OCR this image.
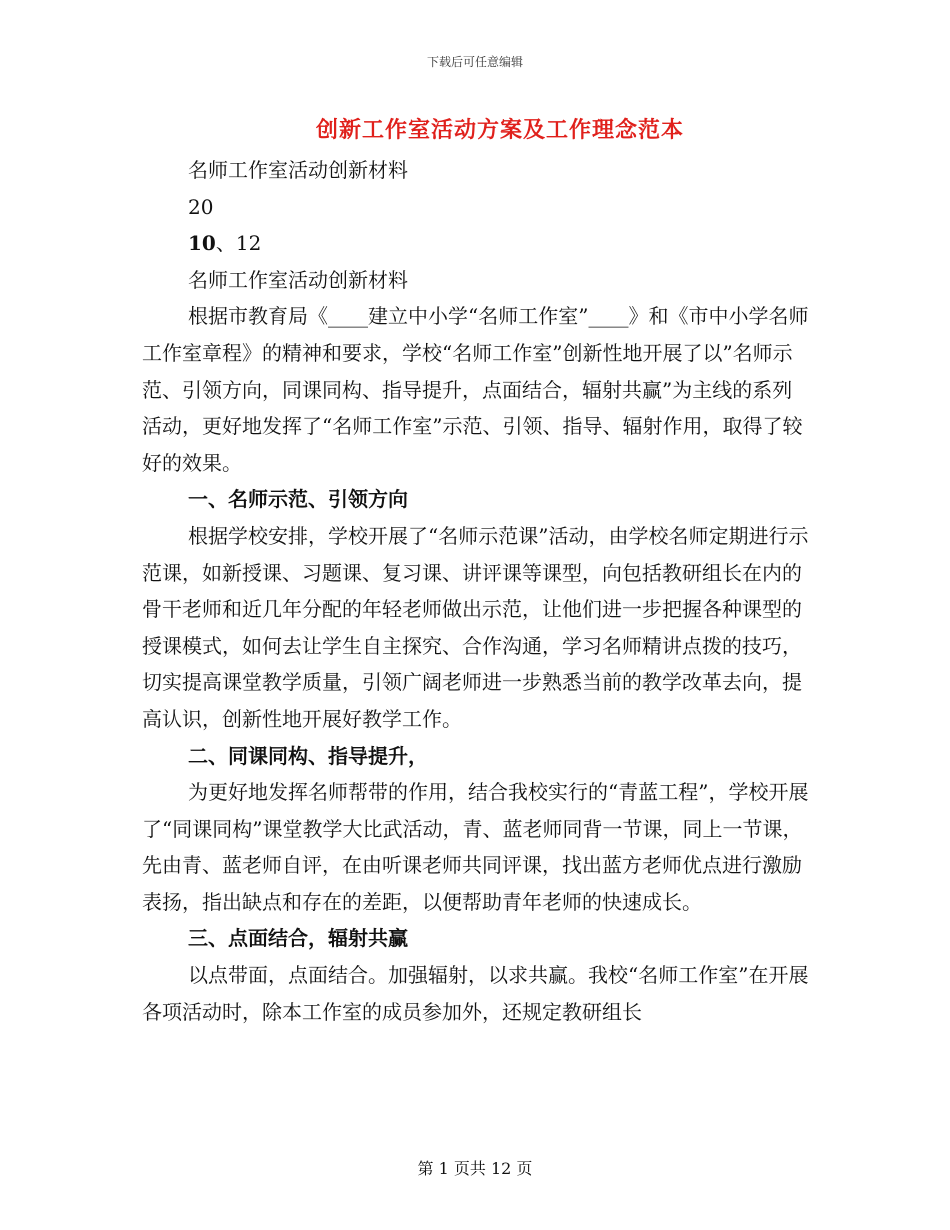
下载后可任意编辑
创新工作室活动方案及工作理念范本

名师工作室活动创新材料

20

10、12

名师工作室活动创新材料

根据市教育局《____建立中小学“名师工作室”____》和《市中小学名师工作室章程》的精神和要求，学校“名师工作室”创新性地开展了以”名师示范、引领方向，同课同构、指导提升，点面结合，辐射共赢”为主线的系列活动，更好地发挥了“名师工作室”示范、引领、指导、辐射作用，取得了较好的效果。

一、名师示范、引领方向

根据学校安排，学校开展了“名师示范课”活动，由学校名师定期进行示范课，如新授课、习题课、复习课、讲评课等课型，向包括教研组长在内的骨干老师和近几年分配的年轻老师做出示范，让他们进一步把握各种课型的授课模式，如何去让学生自主探究、合作沟通，学习名师精讲点拨的技巧，切实提高课堂教学质量，引领广阔老师进一步熟悉当前的教学改革去向，提高认识，创新性地开展好教学工作。

二、同课同构、指导提升，

为更好地发挥名师帮带的作用，结合我校实行的“青蓝工程”，学校开展了“同课同构”课堂教学大比武活动，青、蓝老师同背一节课，同上一节课，先由青、蓝老师自评，在由听课老师共同评课，找出蓝方老师优点进行激励表扬，指出缺点和存在的差距，以便帮助青年老师的快速成长。

三、点面结合，辐射共赢

以点带面，点面结合。加强辐射，以求共赢。我校“名师工作室”在开展各项活动时，除本工作室的成员参加外，还规定教研组长

第 1 页共 12 页
